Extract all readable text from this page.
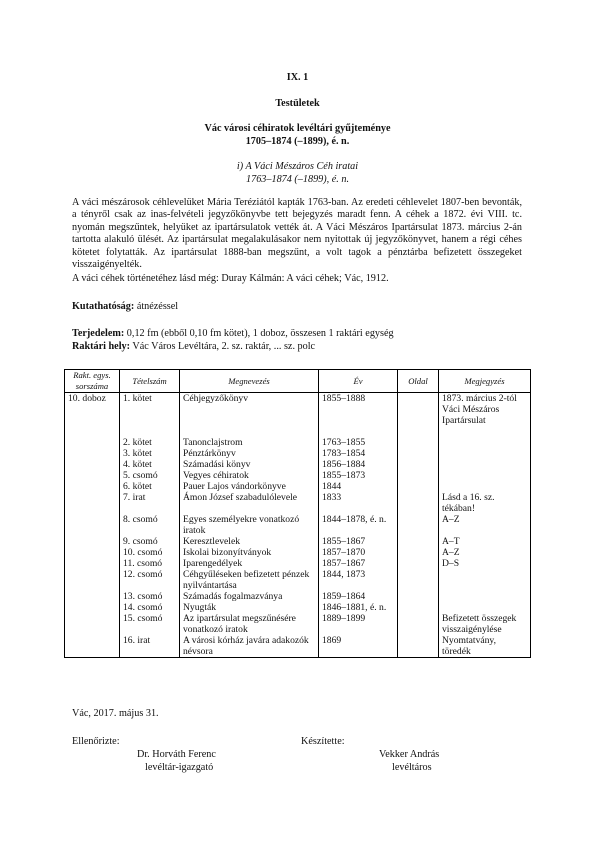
IX. 1
Testületek
Vác városi céhiratok levéltári gyűjteménye
1705–1874 (–1899), é. n.
i) A Váci Mészáros Céh iratai
1763–1874 (–1899), é. n.
A váci mészárosok céhlevelüket Mária Teréziától kapták 1763-ban. Az eredeti céhlevelet 1807-ben bevonták, a tényről csak az inas-felvételi jegyzőkönyvbe tett bejegyzés maradt fenn. A céhek a 1872. évi VIII. tc. nyomán megszűntek, helyüket az ipartársulatok vették át. A Váci Mészáros Ipartársulat 1873. március 2-án tartotta alakuló ülését. Az ipartársulat megalakulásakor nem nyitottak új jegyzőkönyvet, hanem a régi céhes kötetet folytatták. Az ipartársulat 1888-ban megszűnt, a volt tagok a pénztárba befizetett összegeket visszaigényelték.
A váci céhek történetéhez lásd még: Duray Kálmán: A váci céhek; Vác, 1912.
Kutathatóság: átnézéssel
Terjedelem: 0,12 fm (ebből 0,10 fm kötet), 1 doboz, összesen 1 raktári egység
Raktári hely: Vác Város Levéltára, 2. sz. raktár, ... sz. polc
Rakt. egys. sorszáma	Tételszám	Megnevezés	Év	Oldal	Megjegyzés
10. doboz	1. kötet	Céhjegyzőkönyv	1855–1888		1873. március 2-tól Váci Mészáros Ipartársulat

	2. kötet	Tanonclajstrom	1763–1855		
	3. kötet	Pénztárkönyv	1783–1854		
	4. kötet	Számadási könyv	1856–1884		
	5. csomó	Vegyes céhiratok	1855–1873		
	6. kötet	Pauer Lajos vándorkönyve	1844		
	7. irat	Ámon József szabadulólevele	1833		Lásd a 16. sz. tékában!
	8. csomó	Egyes személyekre vonatkozó iratok	1844–1878, é. n.		A–Z
	9. csomó	Keresztlevelek	1855–1867		A–T
	10. csomó	Iskolai bizonyítványok	1857–1870		A–Z
	11. csomó	Iparengedélyek	1857–1867		D–S
	12. csomó	Céhgyűléseken befizetett pénzek nyilvántartása	1844, 1873		
	13. csomó	Számadás fogalmazványa	1859–1864		
	14. csomó	Nyugták	1846–1881, é. n.		
	15. csomó	Az ipartársulat megszűnésére vonatkozó iratok	1889–1899		Befizetett összegek visszaigénylése
	16. irat	A városi kórház javára adakozók névsora	1869		Nyomtatvány, töredék
Vác, 2017. május 31.
Ellenőrizte:
Dr. Horváth Ferenc
levéltár-igazgató
Készítette:
Vekker András
levéltáros
